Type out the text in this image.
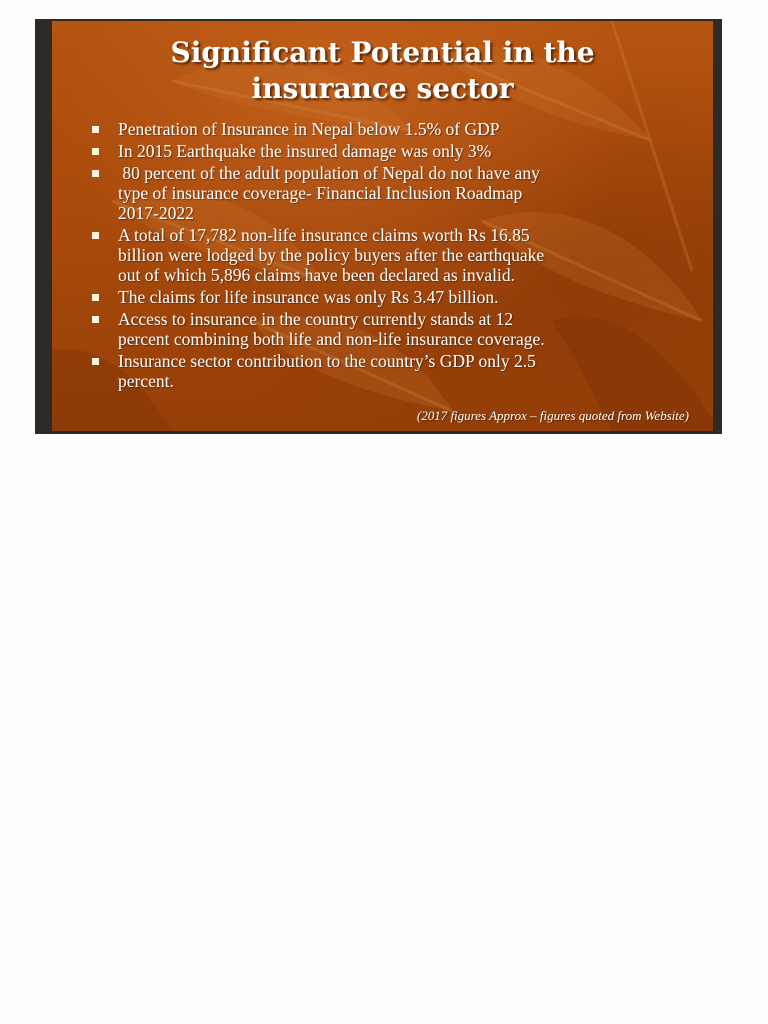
Significant Potential in the
insurance sector
Penetration of Insurance in Nepal below 1.5% of GDP
In 2015 Earthquake the insured damage was only 3%
80 percent of the adult population of Nepal do not have any
type of insurance coverage- Financial Inclusion Roadmap
2017-2022
A total of 17,782 non-life insurance claims worth Rs 16.85
billion were lodged by the policy buyers after the earthquake
out of which 5,896 claims have been declared as invalid.
The claims for life insurance was only Rs 3.47 billion.
Access to insurance in the country currently stands at 12
percent combining both life and non-life insurance coverage.
Insurance sector contribution to the country’s GDP only 2.5
percent.
(2017 figures Approx – figures quoted from Website)
